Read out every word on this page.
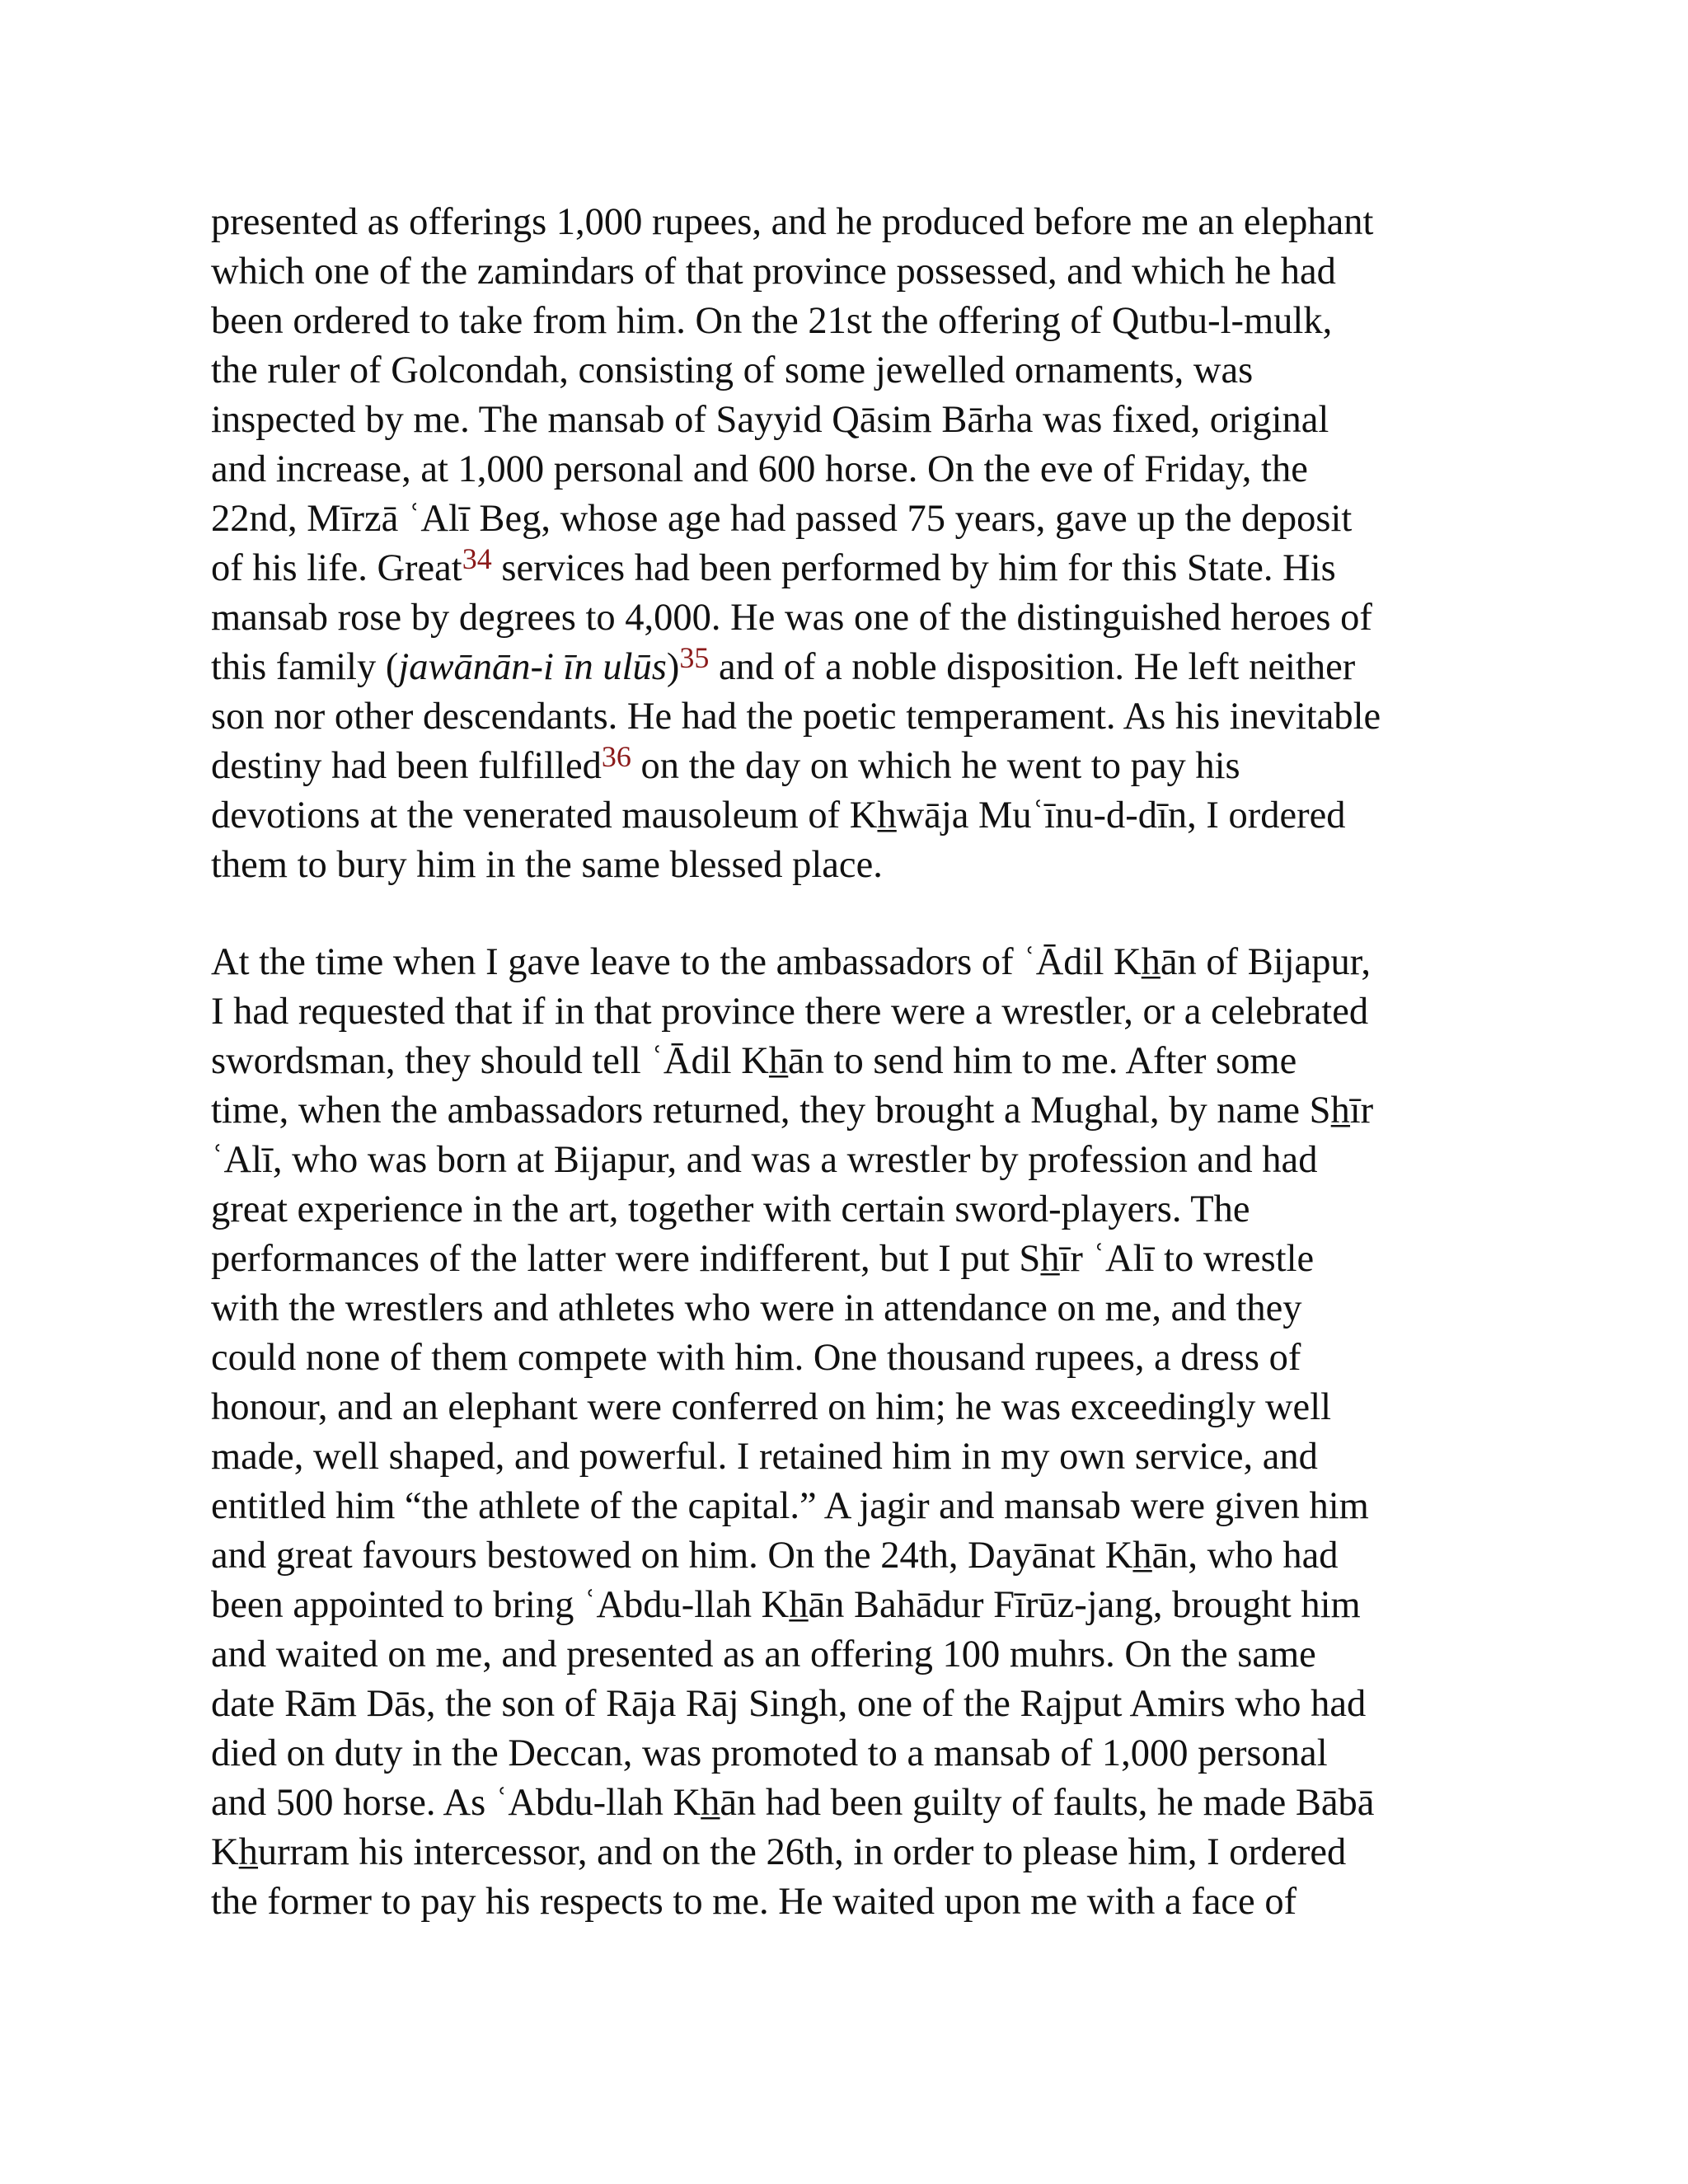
presented as offerings 1,000 rupees, and he produced before me an elephant
which one of the zamindars of that province possessed, and which he had
been ordered to take from him. On the 21st the offering of Qutbu-l-mulk,
the ruler of Golcondah, consisting of some jewelled ornaments, was
inspected by me. The mansab of Sayyid Qāsim Bārha was fixed, original
and increase, at 1,000 personal and 600 horse. On the eve of Friday, the
22nd, Mīrzā ʿAlī Beg, whose age had passed 75 years, gave up the deposit
of his life. Great$^{34}$ services had been performed by him for this State. His
mansab rose by degrees to 4,000. He was one of the distinguished heroes of
this family (jawānān-i īn ulūs)$^{35}$ and of a noble disposition. He left neither
son nor other descendants. He had the poetic temperament. As his inevitable
destiny had been fulfilled$^{36}$ on the day on which he went to pay his
devotions at the venerated mausoleum of Kh̲wāja Muʿīnu-d-dīn, I ordered
them to bury him in the same blessed place.
At the time when I gave leave to the ambassadors of ʿĀdil Kh̲ān of Bijapur,
I had requested that if in that province there were a wrestler, or a celebrated
swordsman, they should tell ʿĀdil Kh̲ān to send him to me. After some
time, when the ambassadors returned, they brought a Mughal, by name Sh̲īr
ʿAlī, who was born at Bijapur, and was a wrestler by profession and had
great experience in the art, together with certain sword-players. The
performances of the latter were indifferent, but I put Sh̲īr ʿAlī to wrestle
with the wrestlers and athletes who were in attendance on me, and they
could none of them compete with him. One thousand rupees, a dress of
honour, and an elephant were conferred on him; he was exceedingly well
made, well shaped, and powerful. I retained him in my own service, and
entitled him “the athlete of the capital.” A jagir and mansab were given him
and great favours bestowed on him. On the 24th, Dayānat Kh̲ān, who had
been appointed to bring ʿAbdu-llah Kh̲ān Bahādur Fīrūz-jang, brought him
and waited on me, and presented as an offering 100 muhrs. On the same
date Rām Dās, the son of Rāja Rāj Singh, one of the Rajput Amirs who had
died on duty in the Deccan, was promoted to a mansab of 1,000 personal
and 500 horse. As ʿAbdu-llah Kh̲ān had been guilty of faults, he made Bābā
Kh̲urram his intercessor, and on the 26th, in order to please him, I ordered
the former to pay his respects to me. He waited upon me with a face of
